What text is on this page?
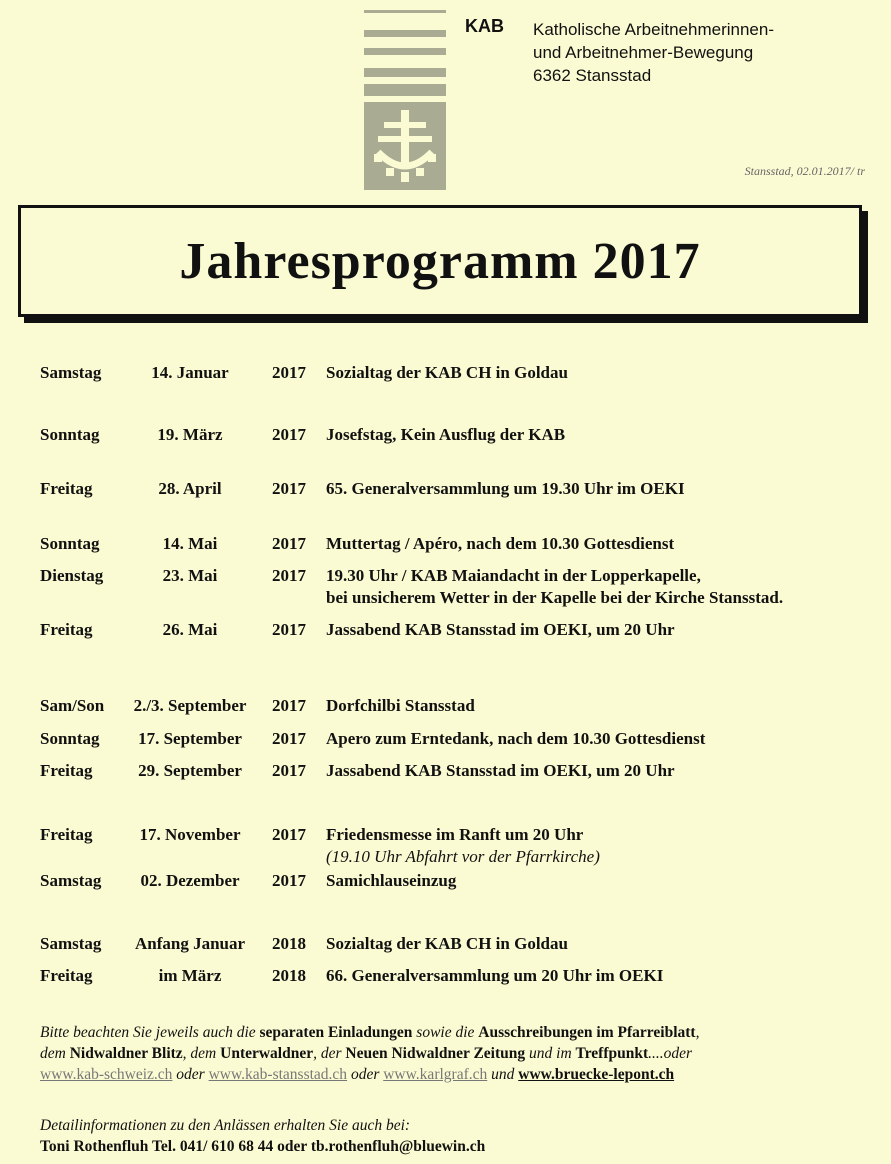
KAB Katholische Arbeitnehmerinnen-
und Arbeitnehmer-Bewegung
6362 Stansstad
Stansstad, 02.01.2017/ tr
Jahresprogramm 2017
Samstag	14. Januar	2017 Sozialtag der KAB CH in Goldau
Sonntag	19. März	2017 Josefstag, Kein Ausflug der KAB
Freitag	28. April	2017 65. Generalversammlung um 19.30 Uhr im OEKI
Sonntag	14. Mai	2017 Muttertag / Apéro, nach dem 10.30 Gottesdienst
Dienstag	23. Mai	2017 19.30 Uhr / KAB Maiandacht in der Lopperkapelle,
bei unsicherem Wetter in der Kapelle bei der Kirche Stansstad.
Freitag	26. Mai	2017 Jassabend KAB Stansstad im OEKI, um 20 Uhr
Sam/Son	2./3. September	2017 Dorfchilbi Stansstad
Sonntag	17. September	2017 Apero zum Erntedank, nach dem 10.30 Gottesdienst
Freitag	29. September	2017 Jassabend KAB Stansstad im OEKI, um 20 Uhr
Freitag	17. November	2017 Friedensmesse im Ranft um 20 Uhr
(19.10 Uhr Abfahrt vor der Pfarrkirche)
Samstag	02. Dezember	2017 Samichlauseinzug
Samstag	Anfang Januar	2018 Sozialtag der KAB CH in Goldau
Freitag	im März	2018 66. Generalversammlung um 20 Uhr im OEKI

Bitte beachten Sie jeweils auch die separaten Einladungen sowie die Ausschreibungen im Pfarreiblatt,

dem Nidwaldner Blitz, dem Unterwaldner, der Neuen Nidwaldner Zeitung und im Treffpunkt....oder

www.kab-schweiz.ch oder www.kab-stansstad.ch oder www.karlgraf.ch und www.bruecke-lepont.ch

Detailinformationen zu den Anlässen erhalten Sie auch bei:
Toni Rothenfluh Tel. 041/ 610 68 44 oder tb.rothenfluh@bluewin.ch
